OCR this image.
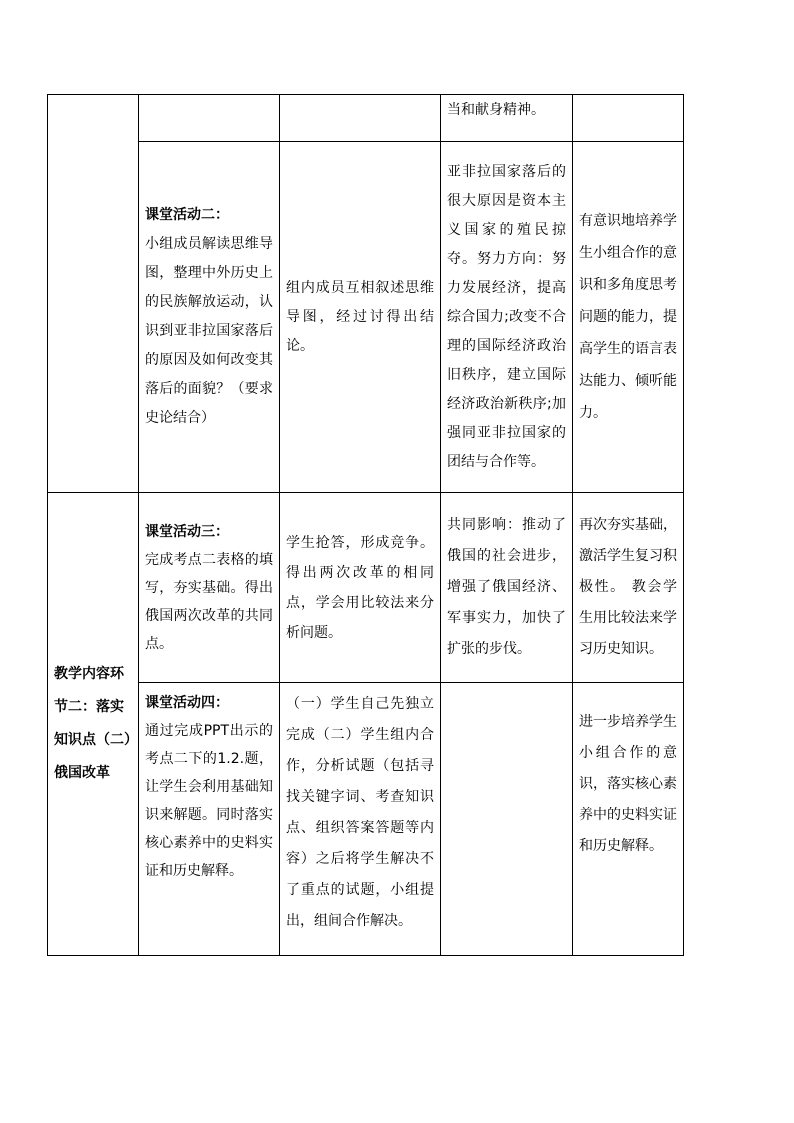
			当和献身精神。	

	课堂活动二：
小组成员解读思维导图，整理中外历史上的民族解放运动，认识到亚非拉国家落后的原因及如何改变其落后的面貌？（要求史论结合）	组内成员互相叙述思维导图，经过讨得出结论。	亚非拉国家落后的很大原因是资本主义国家的殖民掠夺。努力方向：努力发展经济，提高综合国力;改变不合理的国际经济政治旧秩序，建立国际经济政治新秩序;加强同亚非拉国家的团结与合作等。	有意识地培养学生小组合作的意识和多角度思考问题的能力，提高学生的语言表达能力、倾听能力。
教学内容环节二：落实知识点（二）俄国改革	课堂活动三：
完成考点二表格的填写，夯实基础。得出俄国两次改革的共同点。	学生抢答，形成竞争。得出两次改革的相同点，学会用比较法来分析问题。	共同影响：推动了俄国的社会进步，增强了俄国经济、军事实力，加快了扩张的步伐。	再次夯实基础，激活学生复习积极性。 教会学生用比较法来学习历史知识。

	课堂活动四：
通过完成PPT出示的考点二下的1.2.题，让学生会利用基础知识来解题。同时落实核心素养中的史料实证和历史解释。	（一）学生自己先独立完成（二）学生组内合作，分析试题（包括寻找关键字词、考查知识点、组织答案答题等内容）之后将学生解决不了重点的试题，小组提出，组间合作解决。		进一步培养学生小组合作的意识，落实核心素养中的史料实证和历史解释。
